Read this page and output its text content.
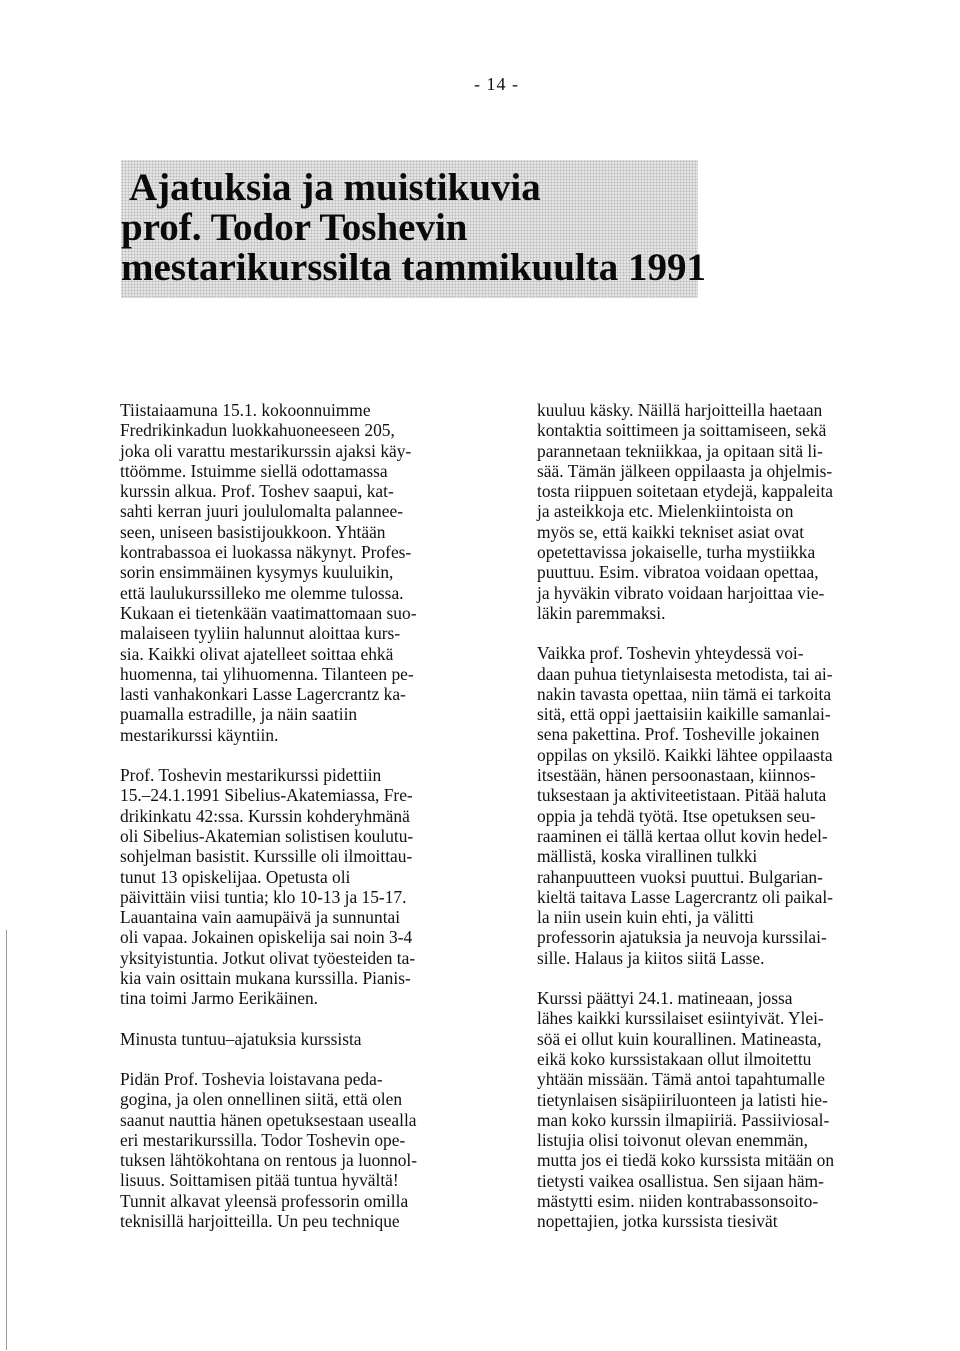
- 14 -
Ajatuksia ja muistikuvia
prof. Todor Toshevin
mestarikurssilta tammikuulta 1991

Tiistaiaamuna 15.1. kokoonnuimme
Fredrikinkadun luokkahuoneeseen 205,
joka oli varattu mestarikurssin ajaksi käy-
ttöömme. Istuimme siellä odottamassa
kurssin alkua. Prof. Toshev saapui, kat-
sahti kerran juuri joululomalta palannee-
seen, uniseen basistijoukkoon. Yhtään
kontrabassoa ei luokassa näkynyt. Profes-
sorin ensimmäinen kysymys kuuluikin,
että laulukurssilleko me olemme tulossa.
Kukaan ei tietenkään vaatimattomaan suo-
malaiseen tyyliin halunnut aloittaa kurs-
sia. Kaikki olivat ajatelleet soittaa ehkä
huomenna, tai ylihuomenna. Tilanteen pe-
lasti vanhakonkari Lasse Lagercrantz ka-
puamalla estradille, ja näin saatiin
mestarikurssi käyntiin.

Prof. Toshevin mestarikurssi pidettiin
15.–24.1.1991 Sibelius-Akatemiassa, Fre-
drikinkatu 42:ssa. Kurssin kohderyhmänä
oli Sibelius-Akatemian solistisen koulutu-
sohjelman basistit. Kurssille oli ilmoittau-
tunut 13 opiskelijaa. Opetusta oli
päivittäin viisi tuntia; klo 10-13 ja 15-17.
Lauantaina vain aamupäivä ja sunnuntai
oli vapaa. Jokainen opiskelija sai noin 3-4
yksityistuntia. Jotkut olivat työesteiden ta-
kia vain osittain mukana kurssilla. Pianis-
tina toimi Jarmo Eerikäinen.

Minusta tuntuu–ajatuksia kurssista

Pidän Prof. Toshevia loistavana peda-
gogina, ja olen onnellinen siitä, että olen
saanut nauttia hänen opetuksestaan usealla
eri mestarikurssilla. Todor Toshevin ope-
tuksen lähtökohtana on rentous ja luonnol-
lisuus. Soittamisen pitää tuntua hyvältä!
Tunnit alkavat yleensä professorin omilla
teknisillä harjoitteilla. Un peu technique

kuuluu käsky. Näillä harjoitteilla haetaan
kontaktia soittimeen ja soittamiseen, sekä
parannetaan tekniikkaa, ja opitaan sitä li-
sää. Tämän jälkeen oppilaasta ja ohjelmis-
tosta riippuen soitetaan etydejä, kappaleita
ja asteikkoja etc. Mielenkiintoista on
myös se, että kaikki tekniset asiat ovat
opetettavissa jokaiselle, turha mystiikka
puuttuu. Esim. vibratoa voidaan opettaa,
ja hyväkin vibrato voidaan harjoittaa vie-
läkin paremmaksi.

Vaikka prof. Toshevin yhteydessä voi-
daan puhua tietynlaisesta metodista, tai ai-
nakin tavasta opettaa, niin tämä ei tarkoita
sitä, että oppi jaettaisiin kaikille samanlai-
sena pakettina. Prof. Tosheville jokainen
oppilas on yksilö. Kaikki lähtee oppilaasta
itsestään, hänen persoonastaan, kiinnos-
tuksestaan ja aktiviteetistaan. Pitää haluta
oppia ja tehdä työtä. Itse opetuksen seu-
raaminen ei tällä kertaa ollut kovin hedel-
mällistä, koska virallinen tulkki
rahanpuutteen vuoksi puuttui. Bulgarian-
kieltä taitava Lasse Lagercrantz oli paikal-
la niin usein kuin ehti, ja välitti
professorin ajatuksia ja neuvoja kurssilai-
sille. Halaus ja kiitos siitä Lasse.

Kurssi päättyi 24.1. matineaan, jossa
lähes kaikki kurssilaiset esiintyivät. Ylei-
söä ei ollut kuin kourallinen. Matineasta,
eikä koko kurssistakaan ollut ilmoitettu
yhtään missään. Tämä antoi tapahtumalle
tietynlaisen sisäpiiriluonteen ja latisti hie-
man koko kurssin ilmapiiriä. Passiiviosal-
listujia olisi toivonut olevan enemmän,
mutta jos ei tiedä koko kurssista mitään on
tietysti vaikea osallistua. Sen sijaan häm-
mästytti esim. niiden kontrabassonsoito-
nopettajien, jotka kurssista tiesivät
